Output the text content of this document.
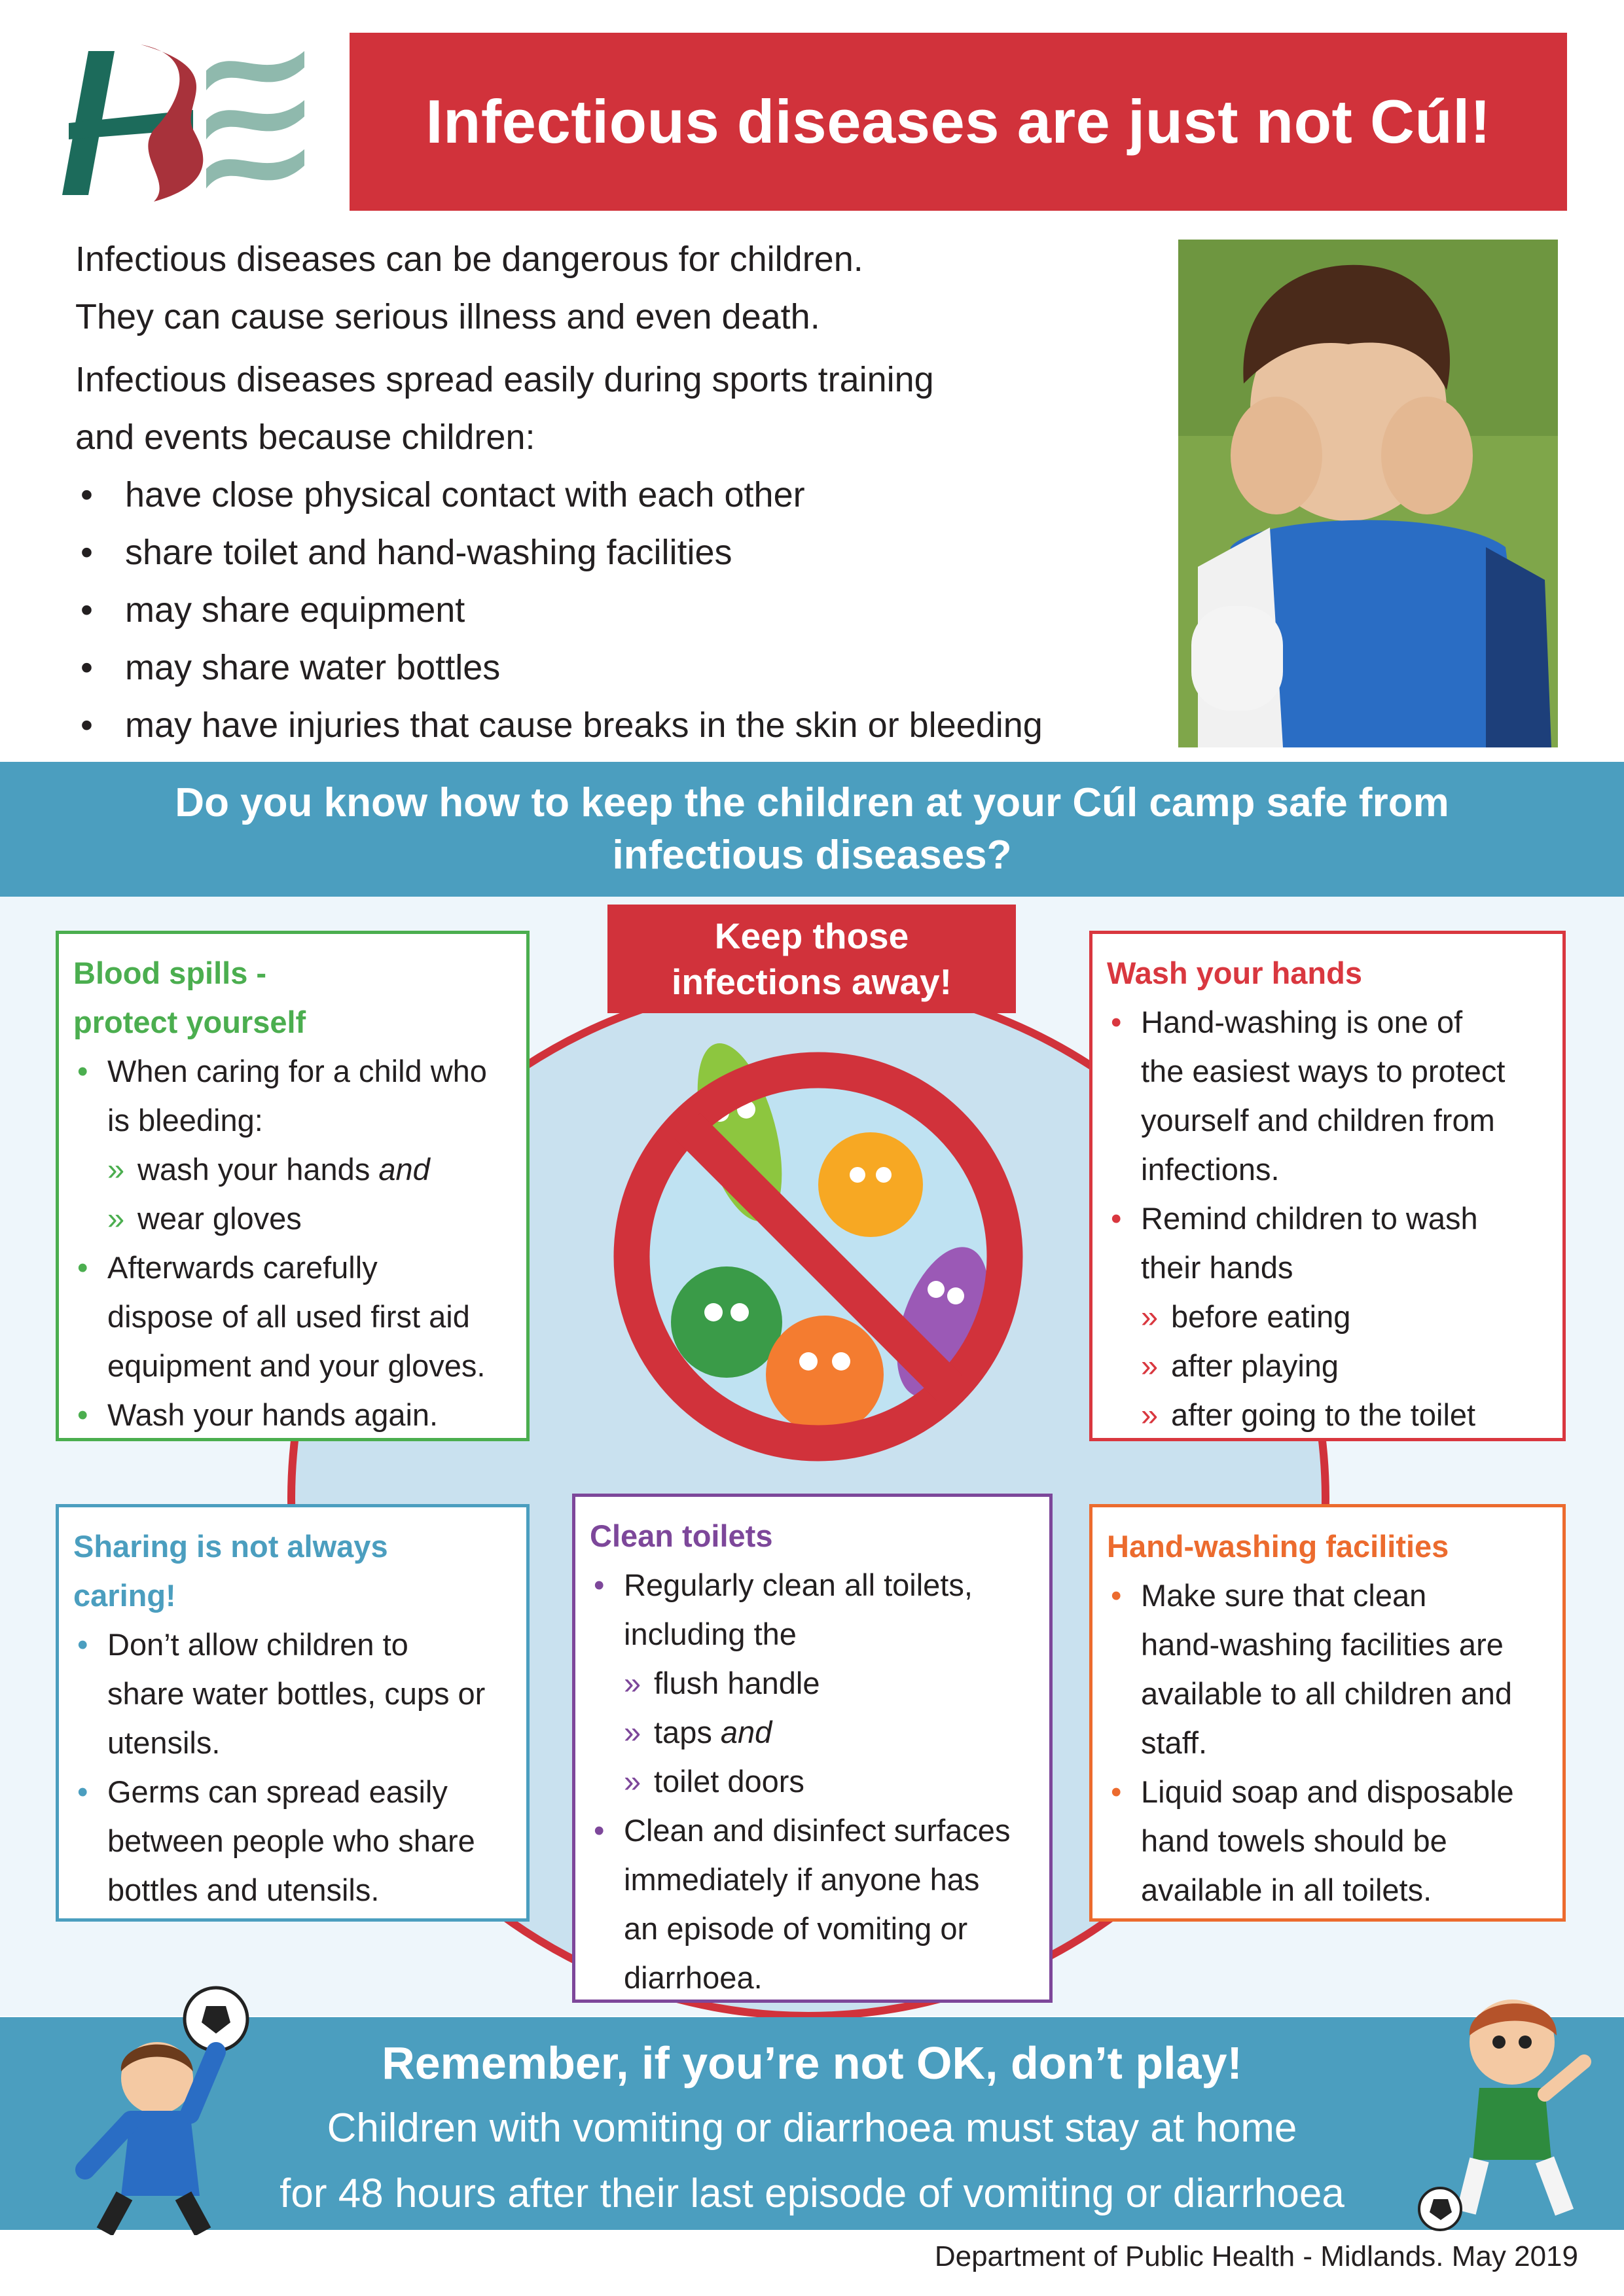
Infectious diseases are just not Cúl!

Infectious diseases can be dangerous for children.

They can cause serious illness and even death.

Infectious diseases spread easily during sports training

and events because children:

• have close physical contact with each other
• share toilet and hand-washing facilities
• may share equipment
• may share water bottles
• may have injuries that cause breaks in the skin or bleeding
Do you know how to keep the children at your Cúl camp safe from infectious diseases?
Keep those
infections away!
Blood spills -
protect yourself
• When caring for a child who
is bleeding:
» wash your hands and
» wear gloves
• Afterwards carefully
dispose of all used first aid
equipment and your gloves.
• Wash your hands again.
Wash your hands
• Hand-washing is one of
the easiest ways to protect
yourself and children from
infections.
• Remind children to wash
their hands
» before eating
» after playing
» after going to the toilet
Sharing is not always
caring!
• Don’t allow children to
share water bottles, cups or
utensils.
• Germs can spread easily
between people who share
bottles and utensils.
Clean toilets
• Regularly clean all toilets,
including the
» flush handle
» taps and
» toilet doors
• Clean and disinfect surfaces
immediately if anyone has
an episode of vomiting or
diarrhoea.
Hand-washing facilities
• Make sure that clean
hand-washing facilities are
available to all children and
staff.
• Liquid soap and disposable
hand towels should be
available in all toilets.
Remember, if you’re not OK, don’t play!
Children with vomiting or diarrhoea must stay at home
for 48 hours after their last episode of vomiting or diarrhoea
Department of Public Health - Midlands. May 2019
